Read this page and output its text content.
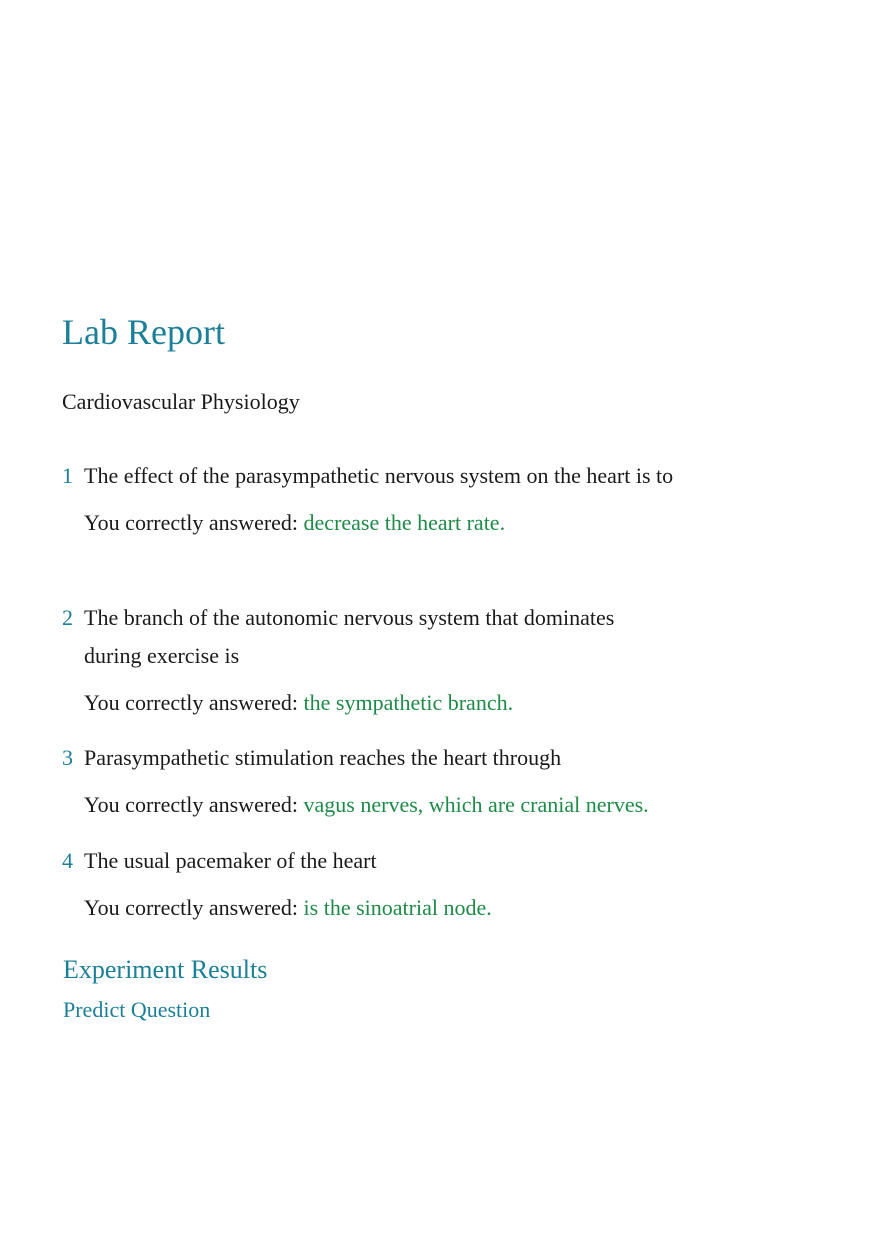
Lab Report

Cardiovascular Physiology

1 The effect of the parasympathetic nervous system on the heart is to
You correctly answered: decrease the heart rate.
2 The branch of the autonomic nervous system that dominates during exercise is
You correctly answered: the sympathetic branch.
3 Parasympathetic stimulation reaches the heart through
You correctly answered: vagus nerves, which are cranial nerves.
4 The usual pacemaker of the heart
You correctly answered: is the sinoatrial node.
Experiment Results
Predict Question
